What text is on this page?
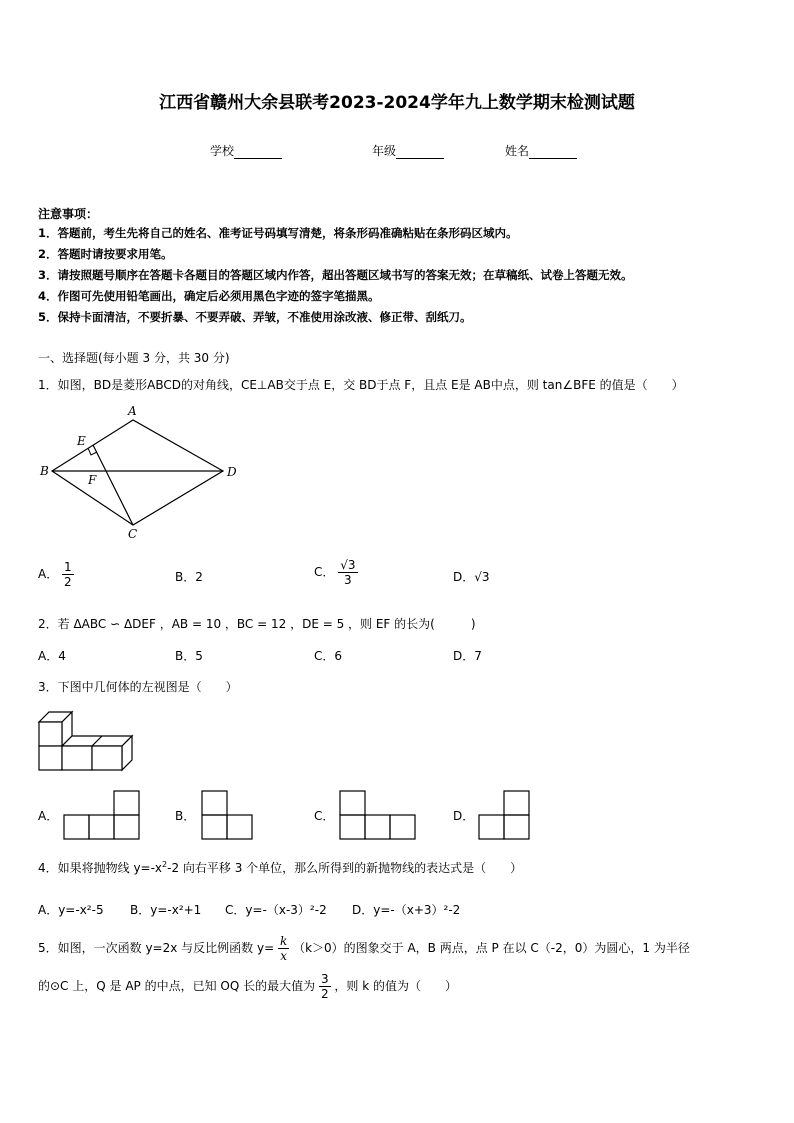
江西省赣州大余县联考2023-2024学年九上数学期末检测试题
学校	年级	姓名
注意事项：
1．答题前，考生先将自己的姓名、准考证号码填写清楚，将条形码准确粘贴在条形码区域内。
2．答题时请按要求用笔。
3．请按照题号顺序在答题卡各题目的答题区域内作答，超出答题区域书写的答案无效；在草稿纸、试卷上答题无效。
4．作图可先使用铅笔画出，确定后必须用黑色字迹的签字笔描黑。
5．保持卡面清洁，不要折暴、不要弄破、弄皱，不准使用涂改液、修正带、刮纸刀。
一、选择题(每小题 3 分，共 30 分)
1．如图，BD是菱形ABCD的对角线，CE⊥AB交于点 E，交 BD于点 F，且点 E是 AB中点，则 tan∠BFE 的值是（　　）
A
B	D
C
E
F
A． $\frac{1}{2}$	B．2	C． $\frac{√3}{3}$	D．√3
2．若 ΔABC ∽ ΔDEF ，AB = 10 ，BC = 12 ，DE = 5 ，则 EF 的长为(　　　)
A．4	B．5	C．6	D．7
3．下图中几何体的左视图是（　　）
A．	B．	C．	D．
4．如果将抛物线 $y=-x^2-2$ 向右平移 3 个单位，那么所得到的新抛物线的表达式是（　　）
A．y=-x²-5 B．y=-x²+1 C．y=-（x-3）²-2 D．y=-（x+3）²-2
5．如图，一次函数 y=2x 与反比例函数 $y= \frac{k}{x} (k>0)$的图象交于 A，B 两点，点 P 在以 C（-2，0）为圆心，1 为半径
的⊙C 上，Q 是 AP 的中点，已知 OQ 长的最大值为 $\frac{3}{2}$ ，则 k 的值为（　　）
